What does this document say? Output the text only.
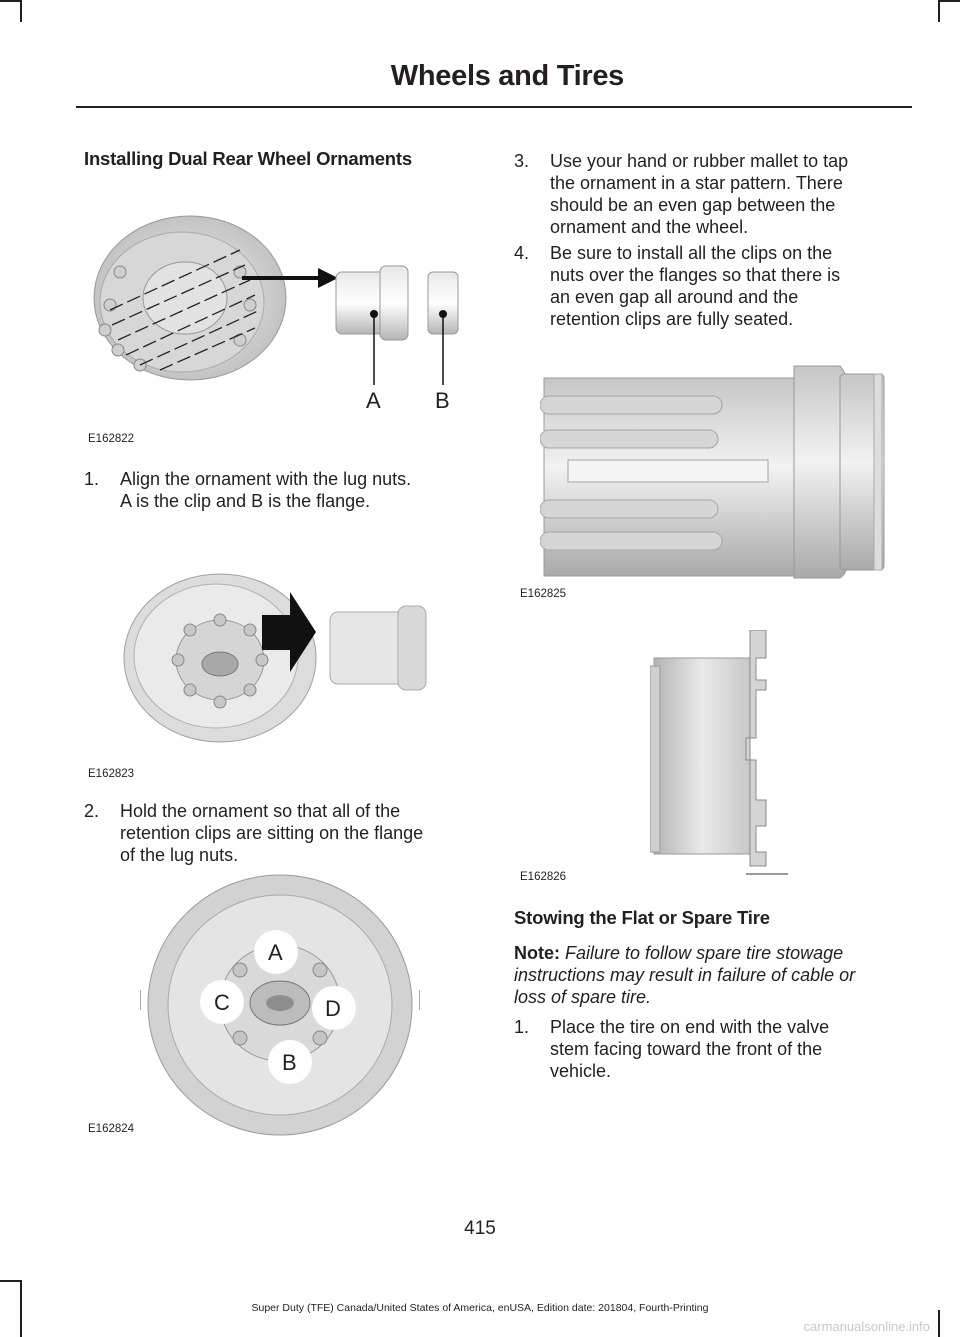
Wheels and Tires
Installing Dual Rear Wheel Ornaments
A B
E162822
1. Align the ornament with the lug nuts.
A is the clip and B is the flange.
E162823
2. Hold the ornament so that all of the
retention clips are sitting on the flange
of the lug nuts.
A
C	D
B
E162824
3. Use your hand or rubber mallet to tap
the ornament in a star pattern. There
should be an even gap between the
ornament and the wheel.
4. Be sure to install all the clips on the
nuts over the flanges so that there is
an even gap all around and the
retention clips are fully seated.
E162825
E162826
Stowing the Flat or Spare Tire
Note: Failure to follow spare tire stowage
instructions may result in failure of cable or
loss of spare tire.
1. Place the tire on end with the valve
stem facing toward the front of the
vehicle.
415
Super Duty (TFE) Canada/United States of America, enUSA, Edition date: 201804, Fourth-Printing
carmanualsonline.info
